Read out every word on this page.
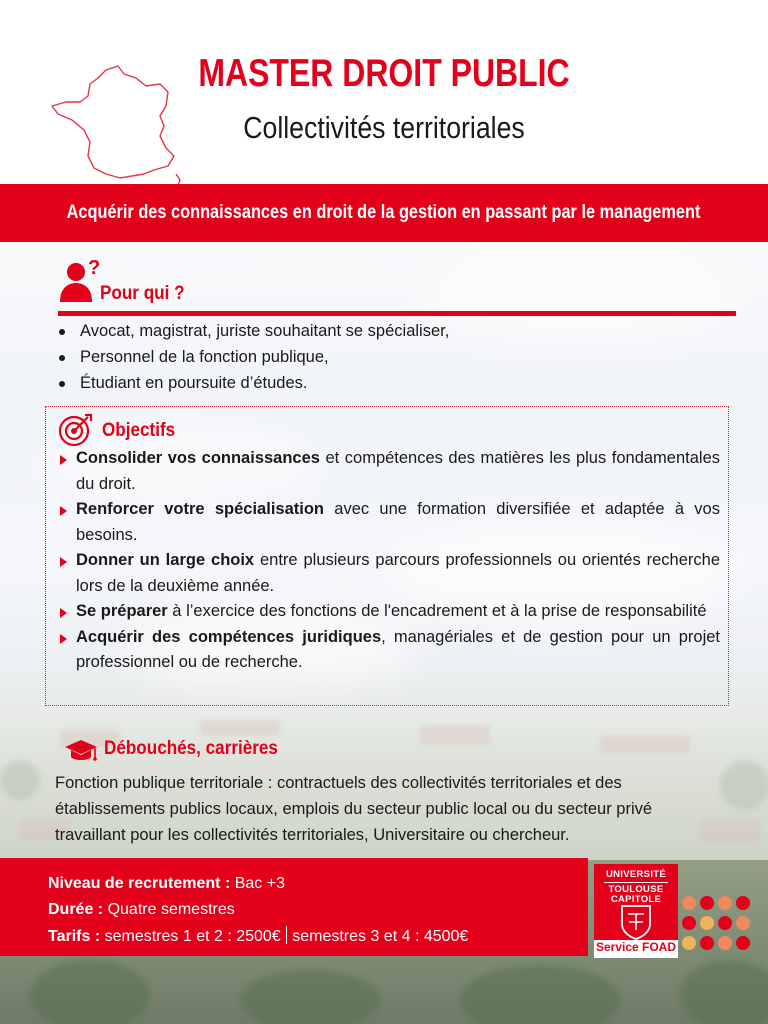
MASTER DROIT PUBLIC
Collectivités territoriales
Acquérir des connaissances en droit de la gestion en passant par le management
?
Pour qui ?
Avocat, magistrat, juriste souhaitant se spécialiser,
Personnel de la fonction publique,
Étudiant en poursuite d’études.
Objectifs
Consolider vos connaissances et compétences des matières les plus fondamentales du droit.
Renforcer votre spécialisation avec une formation diversifiée et adaptée à vos besoins.
Donner un large choix entre plusieurs parcours professionnels ou orientés recherche lors de la deuxième année.
Se préparer à l’exercice des fonctions de l'encadrement et à la prise de responsabilité
Acquérir des compétences juridiques, managériales et de gestion pour un projet professionnel ou de recherche.
Débouchés, carrières
Fonction publique territoriale : contractuels des collectivités territoriales et des établissements publics locaux, emplois du secteur public local ou du secteur privé travaillant pour les collectivités territoriales, Universitaire ou chercheur.
Niveau de recrutement : Bac +3
Durée : Quatre semestres
Tarifs : semestres 1 et 2 : 2500€ semestres 3 et 4 : 4500€
UNIVERSITÉ
TOULOUSE
CAPITOLE
Service FOAD
